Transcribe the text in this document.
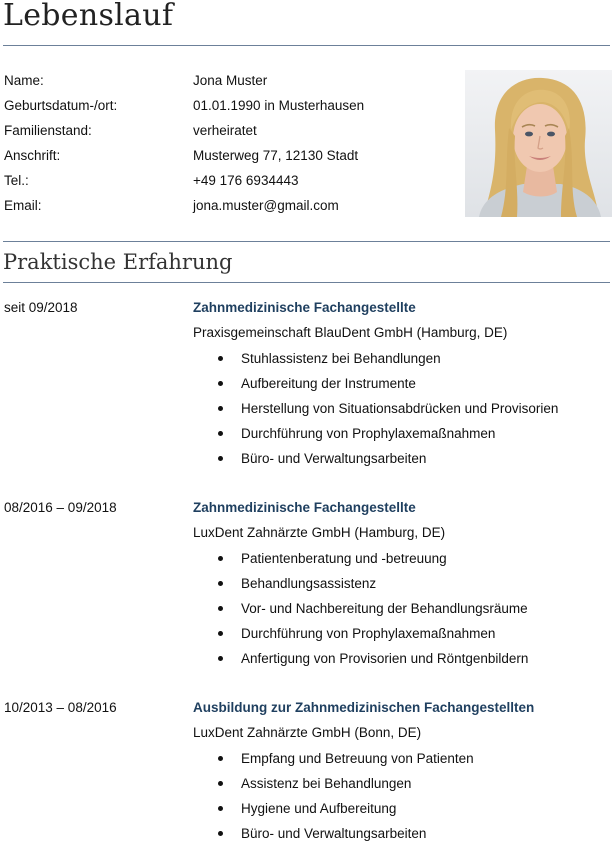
Lebenslauf
Name:	Jona Muster
Geburtsdatum-/ort:	01.01.1990 in Musterhausen
Familienstand:	verheiratet
Anschrift:	Musterweg 77, 12130 Stadt
Tel.:	+49 176 6934443
Email:	jona.muster@gmail.com
Praktische Erfahrung
seit 09/2018	Zahnmedizinische Fachangestellte
Praxisgemeinschaft BlauDent GmbH (Hamburg, DE)
Stuhlassistenz bei Behandlungen
Aufbereitung der Instrumente
Herstellung von Situationsabdrücken und Provisorien
Durchführung von Prophylaxemaßnahmen
Büro- und Verwaltungsarbeiten
08/2016 – 09/2018	Zahnmedizinische Fachangestellte
LuxDent Zahnärzte GmbH (Hamburg, DE)
Patientenberatung und -betreuung
Behandlungsassistenz
Vor- und Nachbereitung der Behandlungsräume
Durchführung von Prophylaxemaßnahmen
Anfertigung von Provisorien und Röntgenbildern
10/2013 – 08/2016	Ausbildung zur Zahnmedizinischen Fachangestellten
LuxDent Zahnärzte GmbH (Bonn, DE)
Empfang und Betreuung von Patienten
Assistenz bei Behandlungen
Hygiene und Aufbereitung
Büro- und Verwaltungsarbeiten
